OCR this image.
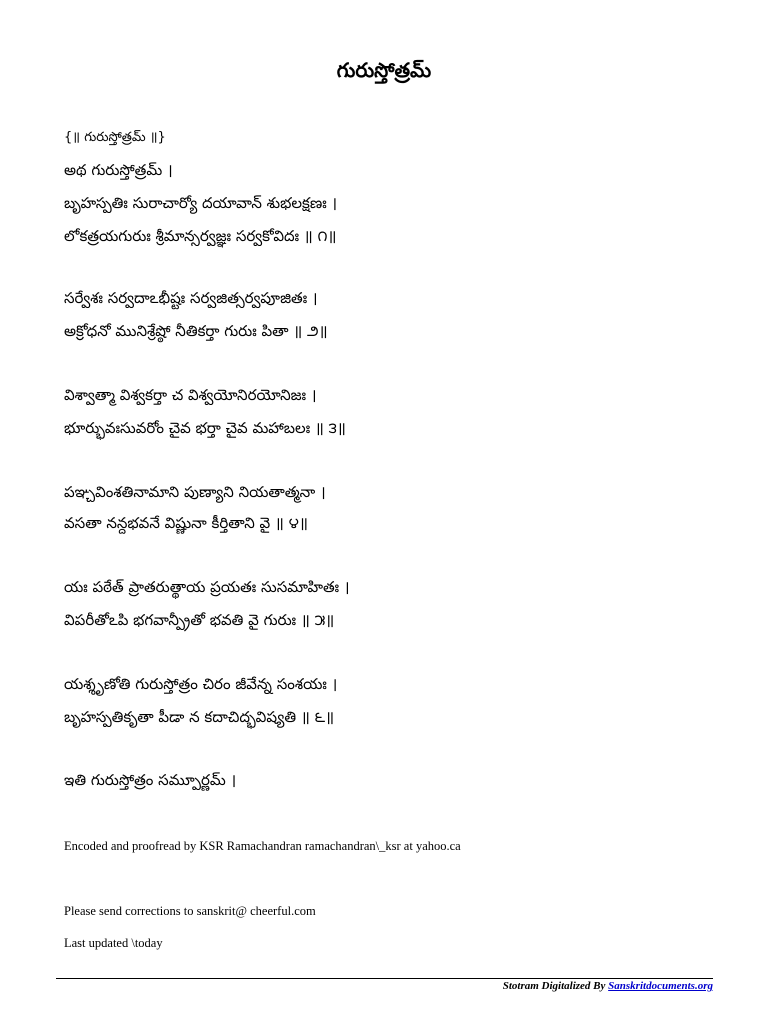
గురుస్తోత్రమ్

{॥ గురుస్తోత్రమ్ ॥}

అథ గురుస్తోత్రమ్ ।

బృహస్పతిః సురాచార్యో దయావాన్ శుభలక్షణః ।

లోకత్రయగురుః శ్రీమాన్సర్వజ్ఞః సర్వకోవిదః ॥ ౧॥

సర్వేశః సర్వదాఽభీష్టః సర్వజిత్సర్వపూజితః ।

అక్రోధనో మునిశ్రేష్ఠో నీతికర్తా గురుః పితా ॥ ౨॥

విశ్వాత్మా విశ్వకర్తా చ విశ్వయోనిరయోనిజః ।

భూర్భువఃసువరోం చైవ భర్తా చైవ మహాబలః ॥ ౩॥

పఞ్చవింశతినామాని పుణ్యాని నియతాత్మనా ।

వసతా నన్దభవనే విష్ణునా కీర్తితాని వై ॥ ౪॥

యః పఠేత్ ప్రాతరుత్థాయ ప్రయతః సుసమాహితః ।

విపరీతోఽపి భగవాన్ప్రీతో భవతి వై గురుః ॥ ౫॥

యశ్శృణోతి గురుస్తోత్రం చిరం జీవేన్న సంశయః ।

బృహస్పతికృతా పీడా న కదాచిద్భవిష్యతి ॥ ౬॥

ఇతి గురుస్తోత్రం సమ్పూర్ణమ్ ।

Encoded and proofread by KSR Ramachandran ramachandran\_ksr at yahoo.ca

Please send corrections to sanskrit@ cheerful.com

Last updated \today

Stotram Digitalized By Sanskritdocuments.org
